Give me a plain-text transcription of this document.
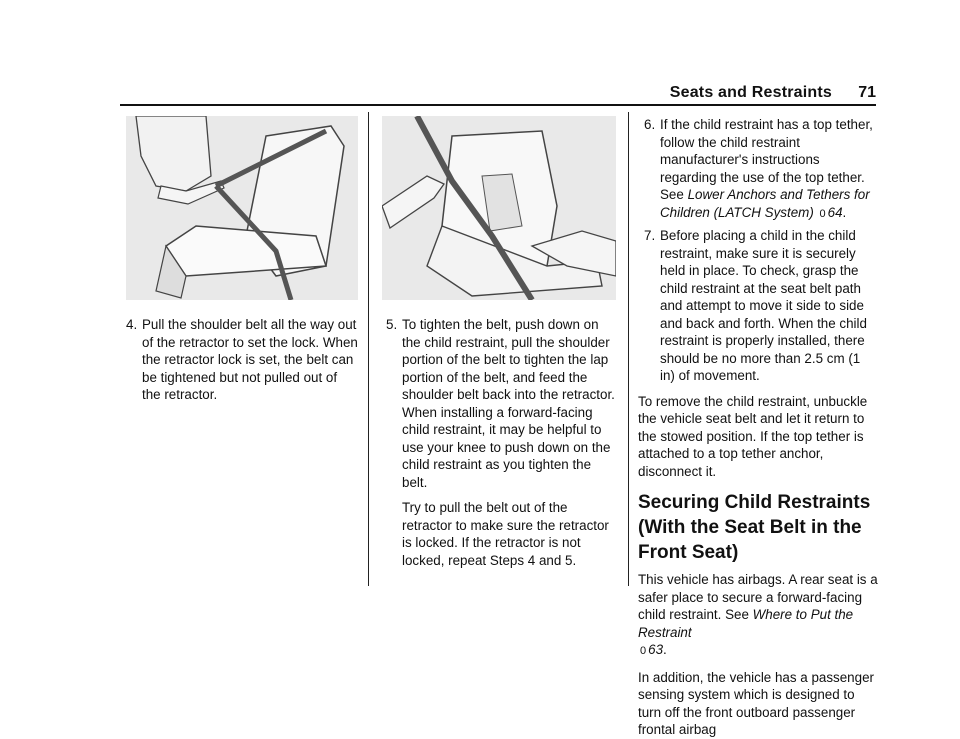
Seats and Restraints 71

4. Pull the shoulder belt all the way out of the retractor to set the lock. When the retractor lock is set, the belt can be tightened but not pulled out of the retractor.

5. To tighten the belt, push down on the child restraint, pull the shoulder portion of the belt to tighten the lap portion of the belt, and feed the shoulder belt back into the retractor. When installing a forward-facing child restraint, it may be helpful to use your knee to push down on the child restraint as you tighten the belt.

Try to pull the belt out of the retractor to make sure the retractor is locked. If the retractor is not locked, repeat Steps 4 and 5.

6. If the child restraint has a top tether, follow the child restraint manufacturer's instructions regarding the use of the top tether. See Lower Anchors and Tethers for Children (LATCH System) 0 64.

7. Before placing a child in the child restraint, make sure it is securely held in place. To check, grasp the child restraint at the seat belt path and attempt to move it side to side and back and forth. When the child restraint is properly installed, there should be no more than 2.5 cm (1 in) of movement.

To remove the child restraint, unbuckle the vehicle seat belt and let it return to the stowed position. If the top tether is attached to a top tether anchor, disconnect it.

Securing Child Restraints (With the Seat Belt in the Front Seat)

This vehicle has airbags. A rear seat is a safer place to secure a forward-facing child restraint. See Where to Put the Restraint
0 63.

In addition, the vehicle has a passenger sensing system which is designed to turn off the front outboard passenger frontal airbag
